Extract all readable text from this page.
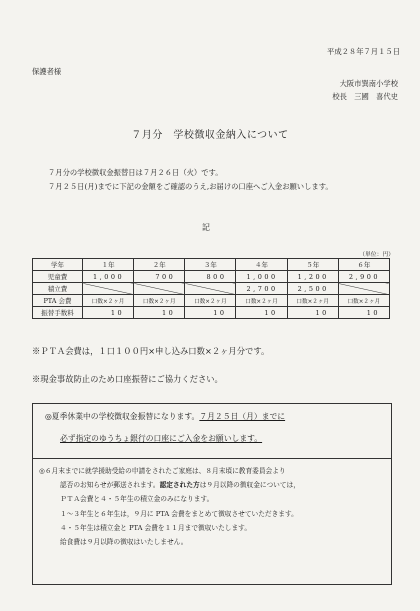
平成２８年７月１５日
保護者様
大阪市巽南小学校
校長　三國　喜代史
７月分　学校徴収金納入について
７月分の学校徴収金振替日は７月２６日（火）です。
７月２５日(月)までに下記の金額をご確認のうえ,お届けの口座へご入金お願いします。
記
（単位：円）
学年	１年	２年	３年	４年	５年	６年
児童費	1,000	700	800	1,000	1,200	2,900
積立費				2,700	2,500	
PTA 会費	口数×２ヶ月	口数×２ヶ月	口数×２ヶ月	口数×２ヶ月	口数×２ヶ月	口数×２ヶ月
振替手数料	10	10	10	10	10	10
※ＰＴＡ会費は，１口１００円×申し込み口数×２ヶ月分です。
※現金事故防止のため口座振替にご協力ください。
◎夏季休業中の学校徴収金振替になります。７月２５日（月）までに
必ず指定のゆうちょ銀行の口座にご入金をお願いします。
◎６月末までに就学援助受給の申請をされたご家庭は、８月末頃に教育委員会より
認否のお知らせが郵送されます。認定された方は９月以降の徴収金については，
ＰＴＡ会費と４・５年生の積立金のみになります。
１～３年生と６年生は，９月に PTA 会費をまとめて徴収させていただきます。
４・５年生は積立金と PTA 会費を１１月まで徴収いたします。
給食費は９月以降の徴収はいたしません。
